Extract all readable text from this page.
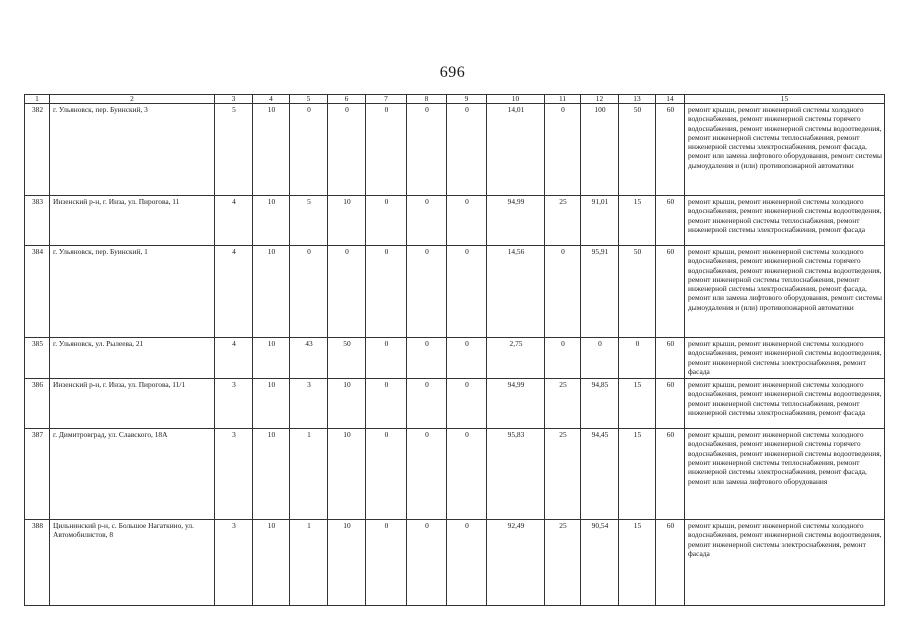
696
1	2	3	4	5	6	7	8	9	10	11	12	13	14	15
382	г. Ульяновск, пер. Буинский, 3	5	10	0	0	0	0	0	14,01	0	100	50	60	ремонт крыши, ремонт инженерной системы холодного водоснабжения, ремонт инженерной системы горячего водоснабжения, ремонт инженерной системы водоотведения, ремонт инженерной системы теплоснабжения, ремонт инженерной системы электроснабжения, ремонт фасада, ремонт или замена лифтового оборудования, ремонт системы дымоудаления и (или) противопожарной автоматики
383	Инзенский р-н, г. Инза, ул. Пирогова, 11	4	10	5	10	0	0	0	94,99	25	91,01	15	60	ремонт крыши, ремонт инженерной системы холодного водоснабжения, ремонт инженерной системы водоотведения, ремонт инженерной системы теплоснабжения, ремонт инженерной системы электроснабжения, ремонт фасада
384	г. Ульяновск, пер. Буинский, 1	4	10	0	0	0	0	0	14,56	0	95,91	50	60	ремонт крыши, ремонт инженерной системы холодного водоснабжения, ремонт инженерной системы горячего водоснабжения, ремонт инженерной системы водоотведения, ремонт инженерной системы теплоснабжения, ремонт инженерной системы электроснабжения, ремонт фасада, ремонт или замена лифтового оборудования, ремонт системы дымоудаления и (или) противопожарной автоматики
385	г. Ульяновск, ул. Рылеева, 21	4	10	43	50	0	0	0	2,75	0	0	0	60	ремонт крыши, ремонт инженерной системы холодного водоснабжения, ремонт инженерной системы водоотведения, ремонт инженерной системы электроснабжения, ремонт фасада
386	Инзенский р-н, г. Инза, ул. Пирогова, 11/1	3	10	3	10	0	0	0	94,99	25	94,85	15	60	ремонт крыши, ремонт инженерной системы холодного водоснабжения, ремонт инженерной системы водоотведения, ремонт инженерной системы теплоснабжения, ремонт инженерной системы электроснабжения, ремонт фасада
387	г. Димитровград, ул. Славского, 18А	3	10	1	10	0	0	0	95,83	25	94,45	15	60	ремонт крыши, ремонт инженерной системы холодного водоснабжения, ремонт инженерной системы горячего водоснабжения, ремонт инженерной системы водоотведения, ремонт инженерной системы теплоснабжения, ремонт инженерной системы электроснабжения, ремонт фасада, ремонт или замена лифтового оборудования
388	Цильнинский р-н, с. Большое Нагаткино, ул. Автомобилистов, 8	3	10	1	10	0	0	0	92,49	25	90,54	15	60	ремонт крыши, ремонт инженерной системы холодного водоснабжения, ремонт инженерной системы водоотведения, ремонт инженерной системы электроснабжения, ремонт фасада
